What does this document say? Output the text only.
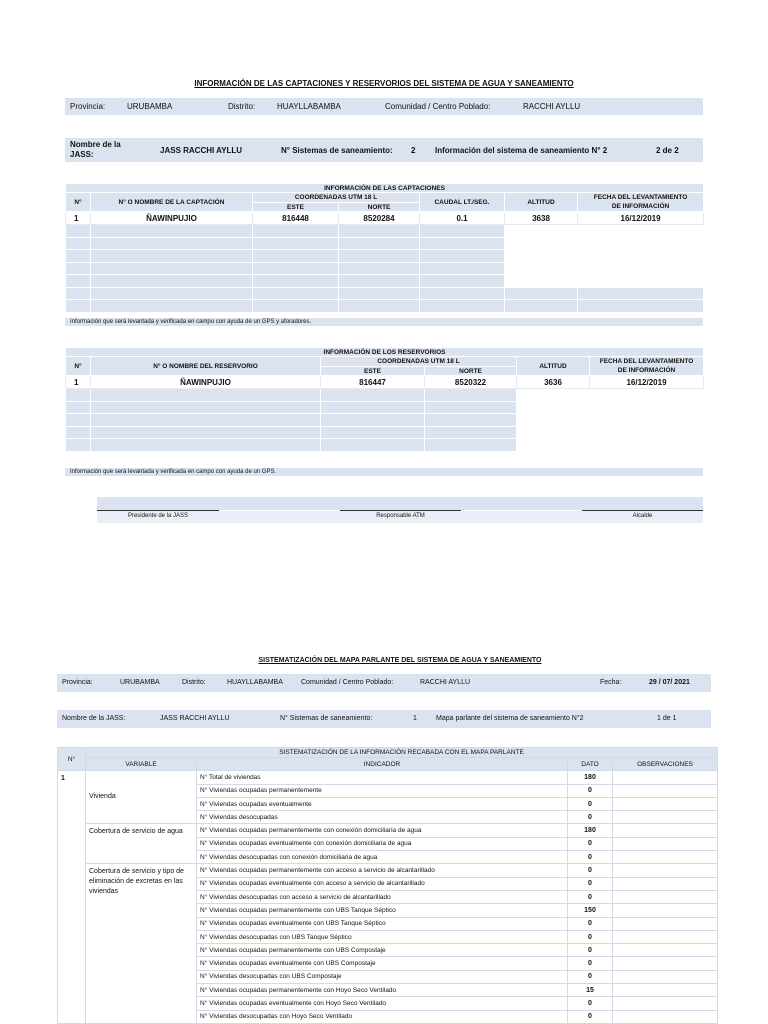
INFORMACIÓN DE LAS CAPTACIONES Y RESERVORIOS DEL SISTEMA DE AGUA Y SANEAMIENTO
Provincia:	URUBAMBA	Distrito:	HUAYLLABAMBA	Comunidad / Centro Poblado:	RACCHI AYLLU
Nombre de la
JASS:	JASS RACCHI AYLLU	N° Sistemas de saneamiento: 2 Información del sistema de saneamiento N° 2	2 de 2
INFORMACIÓN DE LAS CAPTACIONES						
N°	N° O NOMBRE DE LA CAPTACIÓN	COORDENADAS UTM 18 L		CAUDAL LT./SEG.	ALTITUD	FECHA DEL LEVANTAMIENTO
DE INFORMACIÓN

		ESTE	NORTE			
1	ÑAWINPUJIO	816448	8520284	0.1	3638	16/12/2019

Información que será levantada y verificada en campo con ayuda de un GPS y aforadores.
INFORMACIÓN DE LOS RESERVORIOS					
N°	N° O NOMBRE DEL RESERVORIO	COORDENADAS UTM 18 L		ALTITUD	FECHA DEL LEVANTAMIENTO
DE INFORMACIÓN

		ESTE	NORTE		
1	ÑAWINPUJIO	816447	8520322	3636	16/12/2019

Información que será levantada y verificada en campo con ayuda de un GPS.
Presidente de la JASS	Responsable ATM	Alcalde
SISTEMATIZACIÓN DEL MAPA PARLANTE DEL SISTEMA DE AGUA Y SANEAMIENTO
Provincia:	URUBAMBA	Distrito:	HUAYLLABAMBA	Comunidad / Centro Poblado:	RACCHI AYLLU	Fecha:	29 / 07/ 2021
Nombre de la JASS:	JASS RACCHI AYLLU	N° Sistemas de saneamiento:	1	Mapa parlante del sistema de saneamiento N°2	1 de 1
N°	SISTEMATIZACIÓN DE LA INFORMACIÓN RECABADA CON EL MAPA PARLANTE			
	VARIABLE	INDICADOR	DATO	OBSERVACIONES
1	Vivienda	N° Total de viviendas	180	
		N° Viviendas ocupadas permanentemente	0	
		N° Viviendas ocupadas eventualmente	0	
		N° Viviendas desocupadas	0	
	Cobertura de servicio de agua	N° Viviendas ocupadas permanentemente con conexión domiciliaria de agua	180	
		N° Viviendas ocupadas eventualmente con conexión domiciliaria de agua	0	
		N° Viviendas desocupadas con conexión domiciliaria de agua	0	
	Cobertura de servicio y tipo de eliminación de excretas en las viviendas	N° Viviendas ocupadas permanentemente con acceso a servicio de alcantarillado	0	
		N° Viviendas ocupadas eventualmente con acceso a servicio de alcantarillado	0	
		N° Viviendas desocupadas con acceso a servicio de alcantarillado	0	
		N° Viviendas ocupadas permanentemente con UBS Tanque Séptico	150	
		N° Viviendas ocupadas eventualmente con UBS Tanque Séptico	0	
		N° Viviendas desocupadas con UBS Tanque Séptico	0	
		N° Viviendas ocupadas permanentemente con UBS Compostaje	0	
		N° Viviendas ocupadas eventualmente con UBS Compostaje	0	
		N° Viviendas desocupadas con UBS Compostaje	0	
		N° Viviendas ocupadas permanentemente con Hoyo Seco Ventilado	15	
		N° Viviendas ocupadas eventualmente con Hoyo Seco Ventilado	0	
		N° Viviendas desocupadas con Hoyo Seco Ventilado	0	
